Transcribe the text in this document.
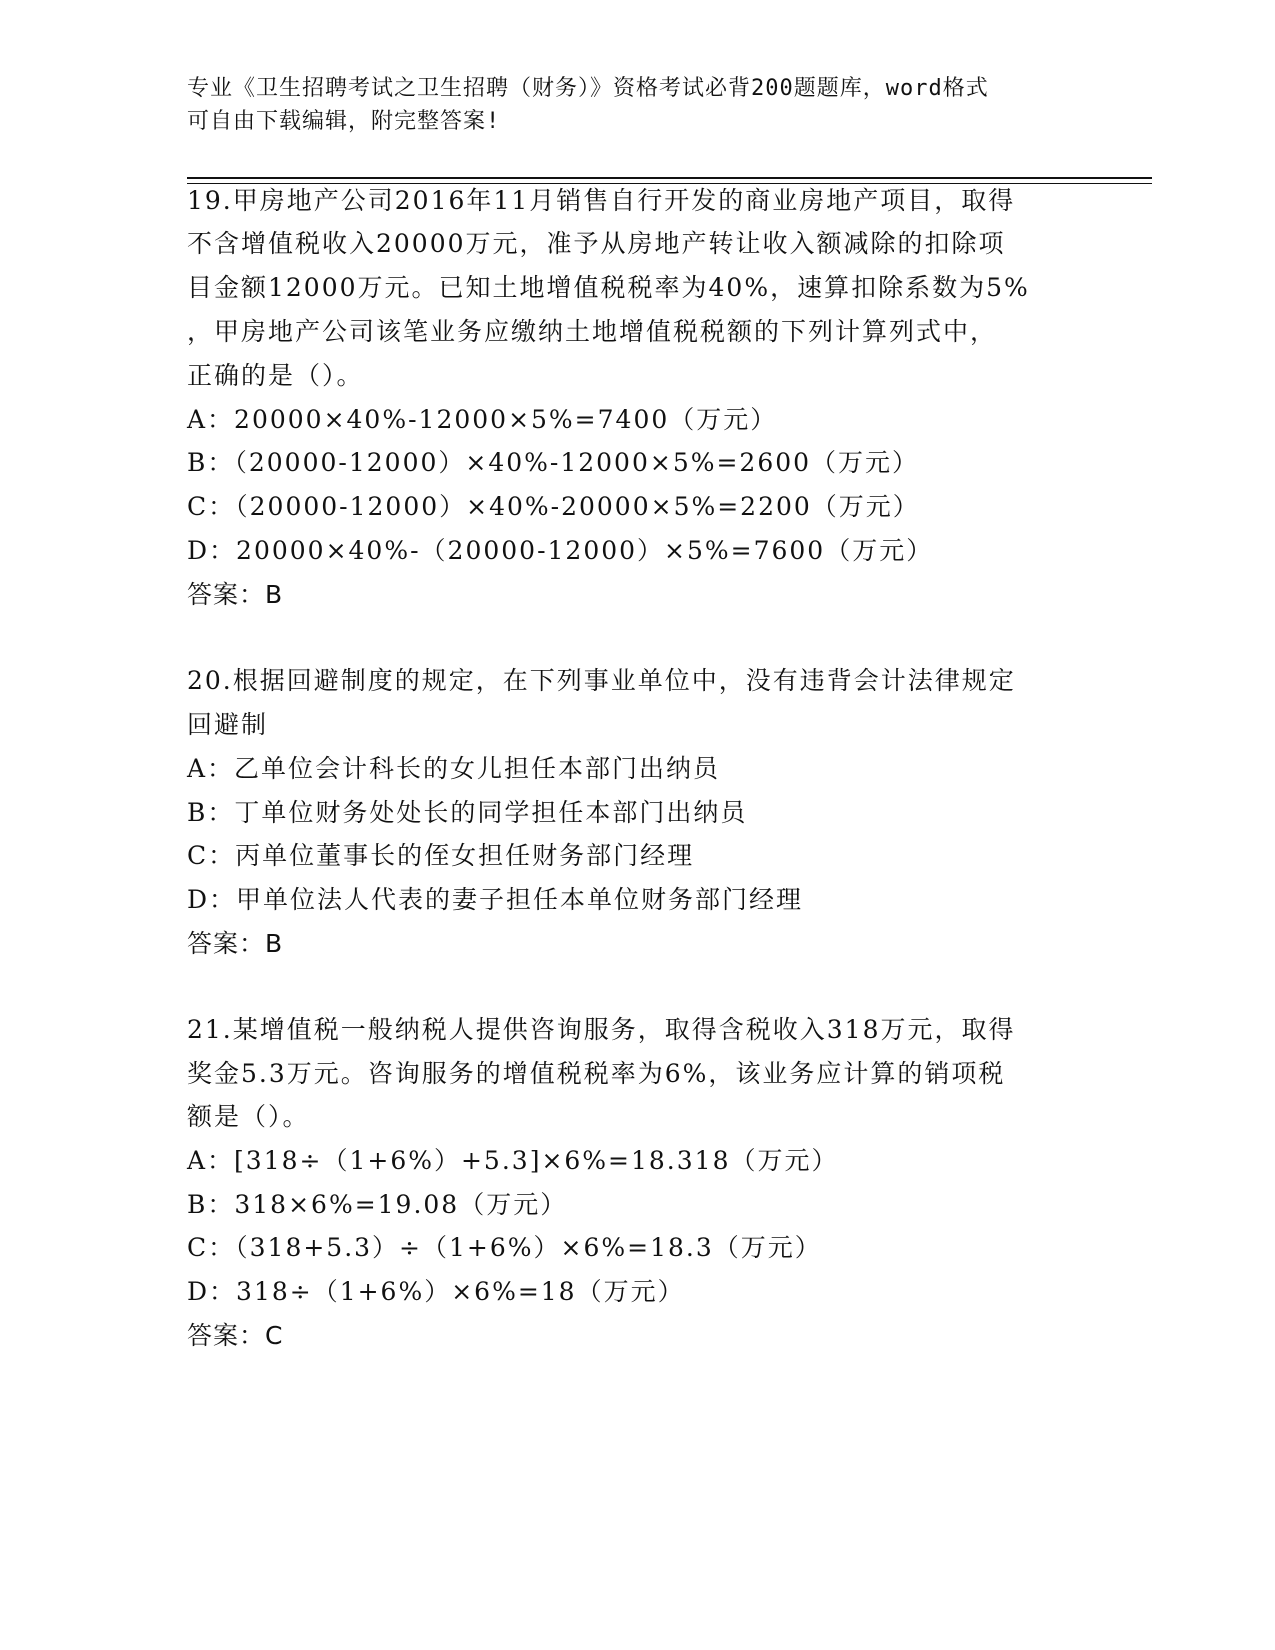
专业《卫生招聘考试之卫生招聘（财务）》资格考试必背200题题库，word格式
可自由下载编辑，附完整答案!
19.甲房地产公司2016年11月销售自行开发的商业房地产项目，取得
不含增值税收入20000万元，准予从房地产转让收入额减除的扣除项
目金额12000万元。已知土地增值税税率为40%，速算扣除系数为5%
，甲房地产公司该笔业务应缴纳土地增值税税额的下列计算列式中，
正确的是（）。
A：20000×40%-12000×5%=7400（万元）
B：（20000-12000）×40%-12000×5%=2600（万元）
C：（20000-12000）×40%-20000×5%=2200（万元）
D：20000×40%-（20000-12000）×5%=7600（万元）
答案：B
20.根据回避制度的规定，在下列事业单位中，没有违背会计法律规定
回避制
A：乙单位会计科长的女儿担任本部门出纳员
B：丁单位财务处处长的同学担任本部门出纳员
C：丙单位董事长的侄女担任财务部门经理
D：甲单位法人代表的妻子担任本单位财务部门经理
答案：B
21.某增值税一般纳税人提供咨询服务，取得含税收入318万元，取得
奖金5.3万元。咨询服务的增值税税率为6%，该业务应计算的销项税
额是（）。
A：[318÷（1+6%）+5.3]×6%=18.318（万元）
B：318×6%=19.08（万元）
C：（318+5.3）÷（1+6%）×6%=18.3（万元）
D：318÷（1+6%）×6%=18（万元）
答案：C
